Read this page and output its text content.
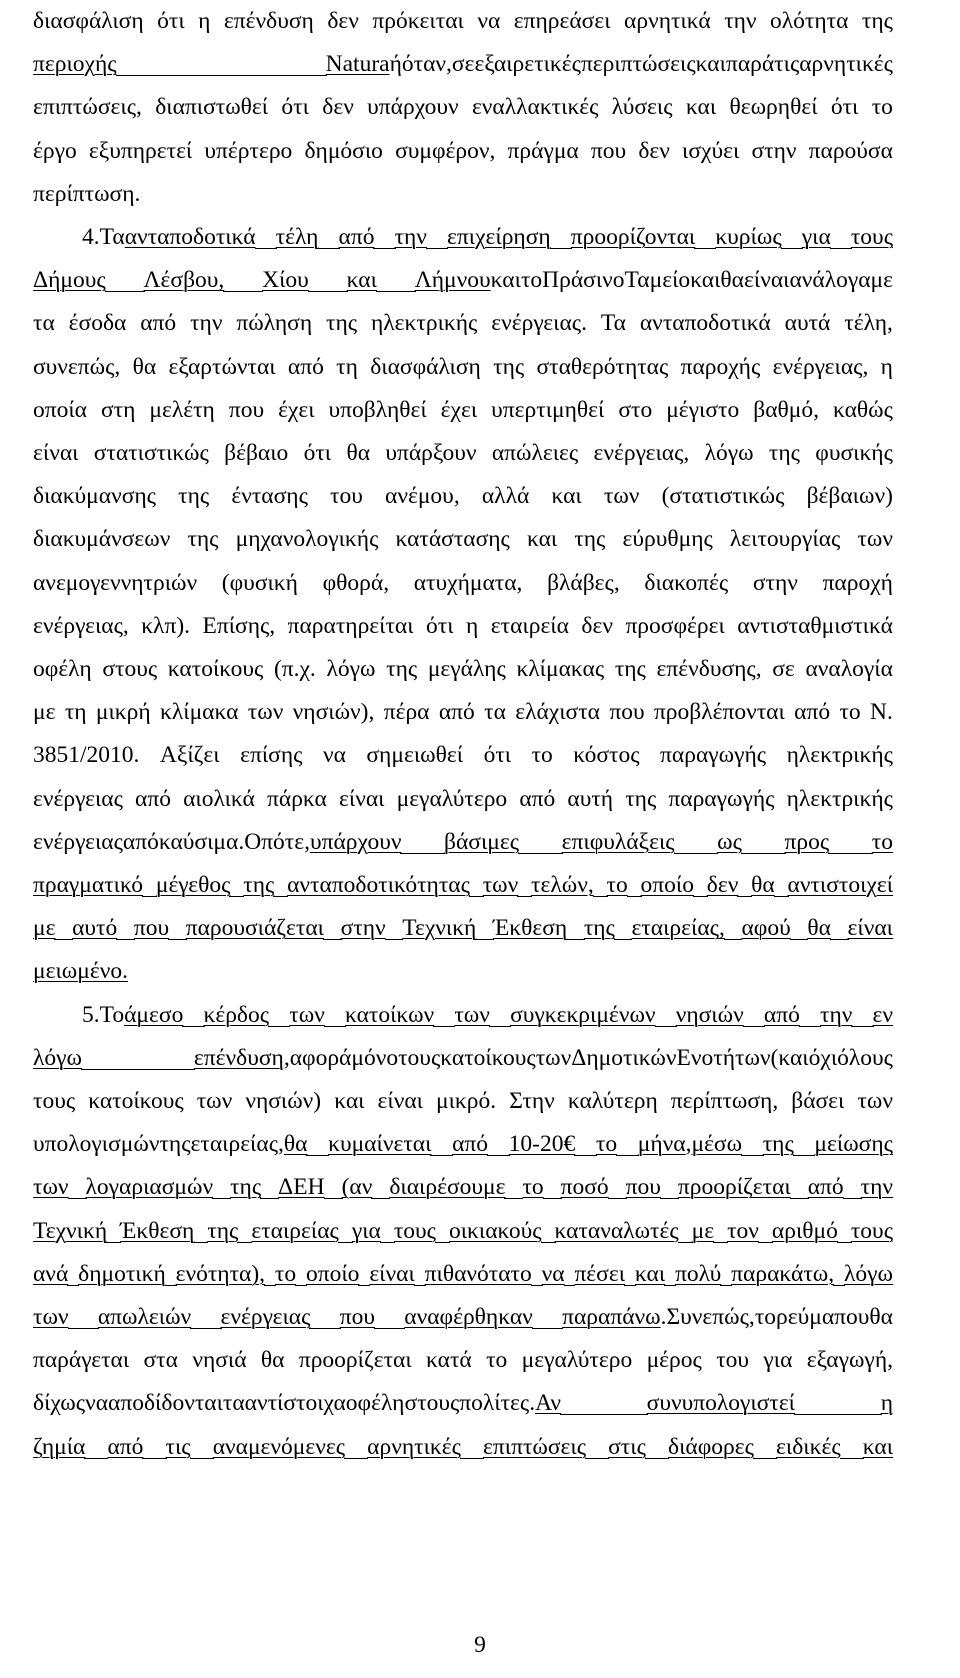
διασφάλιση ότι η επένδυση δεν πρόκειται να επηρεάσει αρνητικά την ολότητα της
περιοχής	Natura ή όταν, σε εξαιρετικές περιπτώσεις και παρά τις αρνητικές
επιπτώσεις, διαπιστωθεί ότι δεν υπάρχουν εναλλακτικές λύσεις και θεωρηθεί ότι το
έργο εξυπηρετεί υπέρτερο δημόσιο συμφέρον, πράγμα που δεν ισχύει στην παρούσα
περίπτωση.
4. Τα ανταποδοτικά τέλη από την επιχείρηση προορίζονται κυρίως για τους
Δήμους Λέσβου, Χίου και Λήμνου και το Πράσινο Ταμείο και θα είναι ανάλογα με
τα έσοδα από την πώληση της ηλεκτρικής ενέργειας. Τα ανταποδοτικά αυτά τέλη,
συνεπώς, θα εξαρτώνται από τη διασφάλιση της σταθερότητας παροχής ενέργειας, η
οποία στη μελέτη που έχει υποβληθεί έχει υπερτιμηθεί στο μέγιστο βαθμό, καθώς
είναι στατιστικώς βέβαιο ότι θα υπάρξουν απώλειες ενέργειας, λόγω της φυσικής
διακύμανσης της έντασης του ανέμου, αλλά και των (στατιστικώς βέβαιων)
διακυμάνσεων της μηχανολογικής κατάστασης και της εύρυθμης λειτουργίας των
ανεμογεννητριών (φυσική φθορά, ατυχήματα, βλάβες, διακοπές στην παροχή
ενέργειας, κλπ). Επίσης, παρατηρείται ότι η εταιρεία δεν προσφέρει αντισταθμιστικά
οφέλη στους κατοίκους (π.χ. λόγω της μεγάλης κλίμακας της επένδυσης, σε αναλογία
με τη μικρή κλίμακα των νησιών), πέρα από τα ελάχιστα που προβλέπονται από το Ν.
3851/2010. Αξίζει επίσης να σημειωθεί ότι το κόστος παραγωγής ηλεκτρικής
ενέργειας από αιολικά πάρκα είναι μεγαλύτερο από αυτή της παραγωγής ηλεκτρικής
ενέργειας από καύσιμα. Οπότε, υπάρχουν βάσιμες επιφυλάξεις ως προς το
πραγματικό μέγεθος της ανταποδοτικότητας των τελών, το οποίο δεν θα αντιστοιχεί
με αυτό που παρουσιάζεται στην Τεχνική Έκθεση της εταιρείας, αφού θα είναι
μειωμένο.
5. Το άμεσο κέρδος των κατοίκων των συγκεκριμένων νησιών από την εν
λόγω	επένδυση, αφορά μόνο τους κατοίκους των Δημοτικών Ενοτήτων (και όχι όλους
τους κατοίκους των νησιών) και είναι μικρό. Στην καλύτερη περίπτωση, βάσει των
υπολογισμών της εταιρείας, θα κυμαίνεται από 10-20€ το μήνα, μέσω της μείωσης
των λογαριασμών της ΔΕΗ (αν διαιρέσουμε το ποσό που προορίζεται από την
Τεχνική Έκθεση της εταιρείας για τους οικιακούς καταναλωτές με τον αριθμό τους
ανά δημοτική ενότητα), το οποίο είναι πιθανότατο να πέσει και πολύ παρακάτω, λόγω
των απωλειών ενέργειας που αναφέρθηκαν παραπάνω. Συνεπώς, το ρεύμα που θα
παράγεται στα νησιά θα προορίζεται κατά το μεγαλύτερο μέρος του για εξαγωγή,
δίχως να αποδίδονται τα αντίστοιχα οφέλη στους πολίτες. Αν	συνυπολογιστεί	η
ζημία από τις αναμενόμενες αρνητικές επιπτώσεις στις διάφορες ειδικές και
9
